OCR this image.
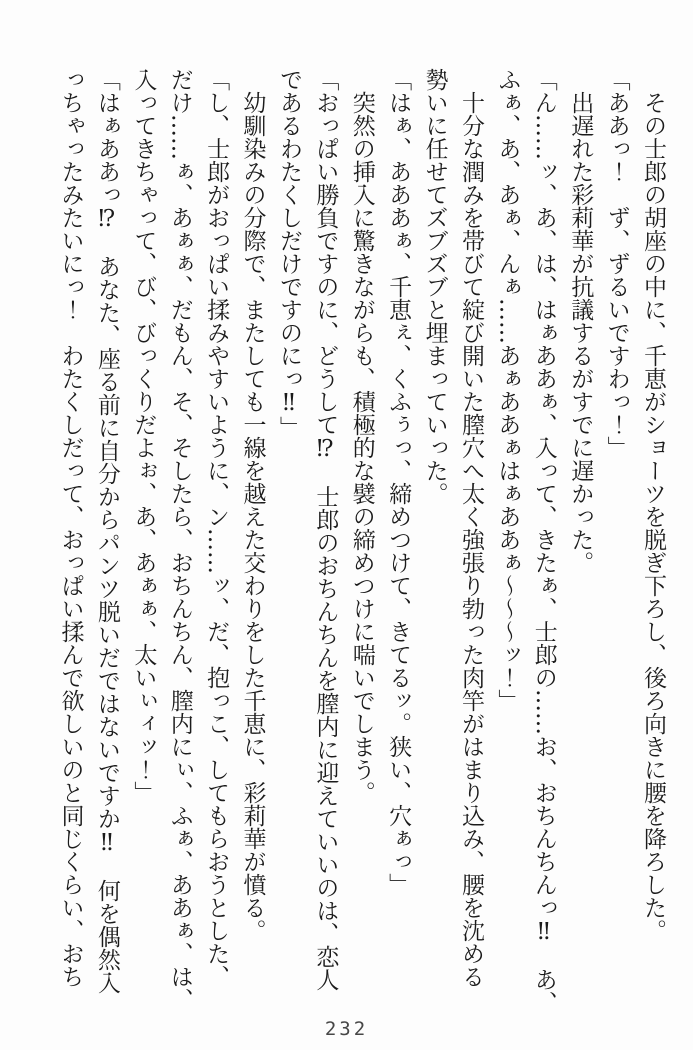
その士郎の胡座の中に、千恵がショーツを脱ぎ下ろし、後ろ向きに腰を降ろした。

「ああっ！　ず、ずるいですわっ！」

出遅れた彩莉華が抗議するがすでに遅かった。

「ん……ッ、あ、は、はぁああぁ、入って、きたぁ、士郎の……お、おちんちんっ‼　あ、

ふぁ、あ、あぁ、んぁ……あぁああぁはぁああぁ～～～ッ！」

十分な潤みを帯びて綻び開いた膣穴へ太く強張り勃った肉竿がはまり込み、腰を沈める

勢いに任せてズブズブと埋まっていった。

「はぁ、あああぁ、千恵ぇ、くふぅっ、締めつけて、きてるッ。狭い、穴ぁっ」

突然の挿入に驚きながらも、積極的な襞の締めつけに喘いでしまう。

「おっぱい勝負ですのに、どうして⁉　士郎のおちんちんを膣内に迎えていいのは、恋人

であるわたくしだけですのにっ‼」

幼馴染みの分際で、またしても一線を越えた交わりをした千恵に、彩莉華が憤る。

「し、士郎がおっぱい揉みやすいように、ン……ッ、だ、抱っこ、してもらおうとした、

だけ……ぁ、あぁぁ、だもん、そ、そしたら、おちんちん、膣内にぃ、ふぁ、ああぁ、は、

入ってきちゃって、び、びっくりだよぉ、あ、あぁぁ、太いぃィッ！」

「はぁああっ⁉　あなた、座る前に自分からパンツ脱いだではないですか‼　何を偶然入

っちゃったみたいにっ！　わたくしだって、おっぱい揉んで欲しいのと同じくらい、おち

232
